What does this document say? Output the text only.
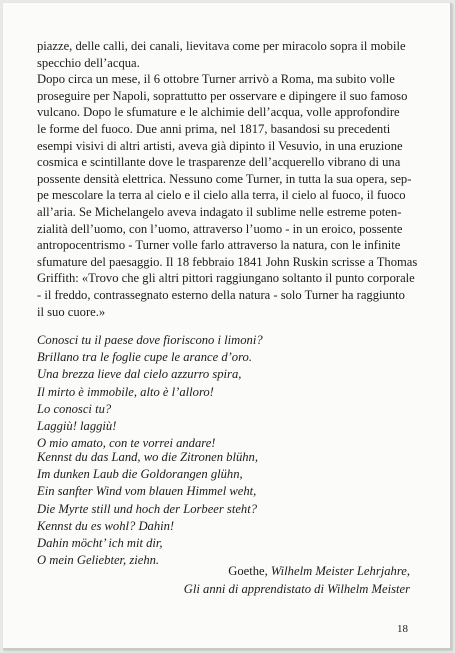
piazze, delle calli, dei canali, lievitava come per miracolo sopra il mobile
specchio dell’acqua.
Dopo circa un mese, il 6 ottobre Turner arrivò a Roma, ma subito volle
proseguire per Napoli, soprattutto per osservare e dipingere il suo famoso
vulcano. Dopo le sfumature e le alchimie dell’acqua, volle approfondire
le forme del fuoco. Due anni prima, nel 1817, basandosi su precedenti
esempi visivi di altri artisti, aveva già dipinto il Vesuvio, in una eruzione
cosmica e scintillante dove le trasparenze dell’acquerello vibrano di una
possente densità elettrica. Nessuno come Turner, in tutta la sua opera, sep-
pe mescolare la terra al cielo e il cielo alla terra, il cielo al fuoco, il fuoco
all’aria. Se Michelangelo aveva indagato il sublime nelle estreme poten-
zialità dell’uomo, con l’uomo, attraverso l’uomo - in un eroico, possente
antropocentrismo - Turner volle farlo attraverso la natura, con le infinite
sfumature del paesaggio. Il 18 febbraio 1841 John Ruskin scrisse a Thomas
Griffith: «Trovo che gli altri pittori raggiungano soltanto il punto corporale
- il freddo, contrassegnato esterno della natura - solo Turner ha raggiunto
il suo cuore.»

Conosci tu il paese dove fioriscono i limoni?
Brillano tra le foglie cupe le arance d’oro.
Una brezza lieve dal cielo azzurro spira,
Il mirto è immobile, alto è l’alloro!
Lo conosci tu?
Laggiù! laggiù!
O mio amato, con te vorrei andare!
Kennst du das Land, wo die Zitronen blühn,
Im dunken Laub die Goldorangen glühn,
Ein sanfter Wind vom blauen Himmel weht,
Die Myrte still und hoch der Lorbeer steht?
Kennst du es wohl? Dahin!
Dahin möcht’ ich mit dir,
O mein Geliebter, ziehn.
Goethe, Wilhelm Meister Lehrjahre,
Gli anni di apprendistato di Wilhelm Meister
18
